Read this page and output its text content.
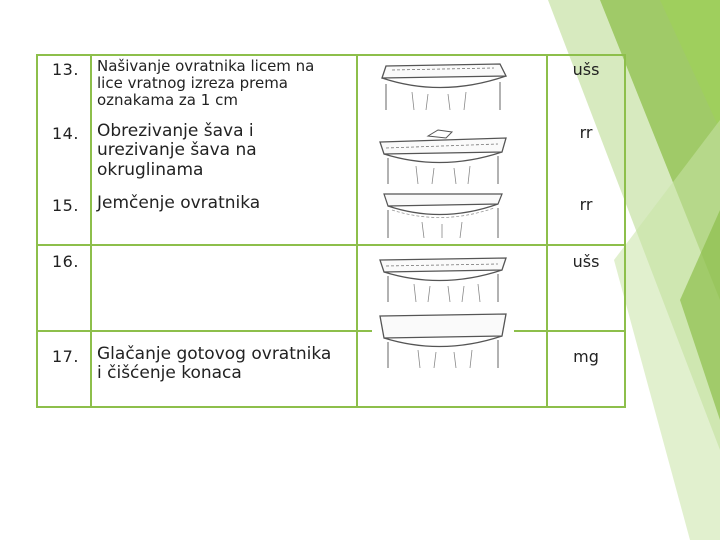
13.
14.
15.
16.
17.
Našivanje ovratnika licem na
lice vratnog izreza prema
oznakama za 1 cm
Obrezivanje šava i
urezivanje šava na
okruglinama
Jemčenje ovratnika
Glačanje gotovog ovratnika
i čišćenje konaca
ušs
rr
rr
ušs
mg
